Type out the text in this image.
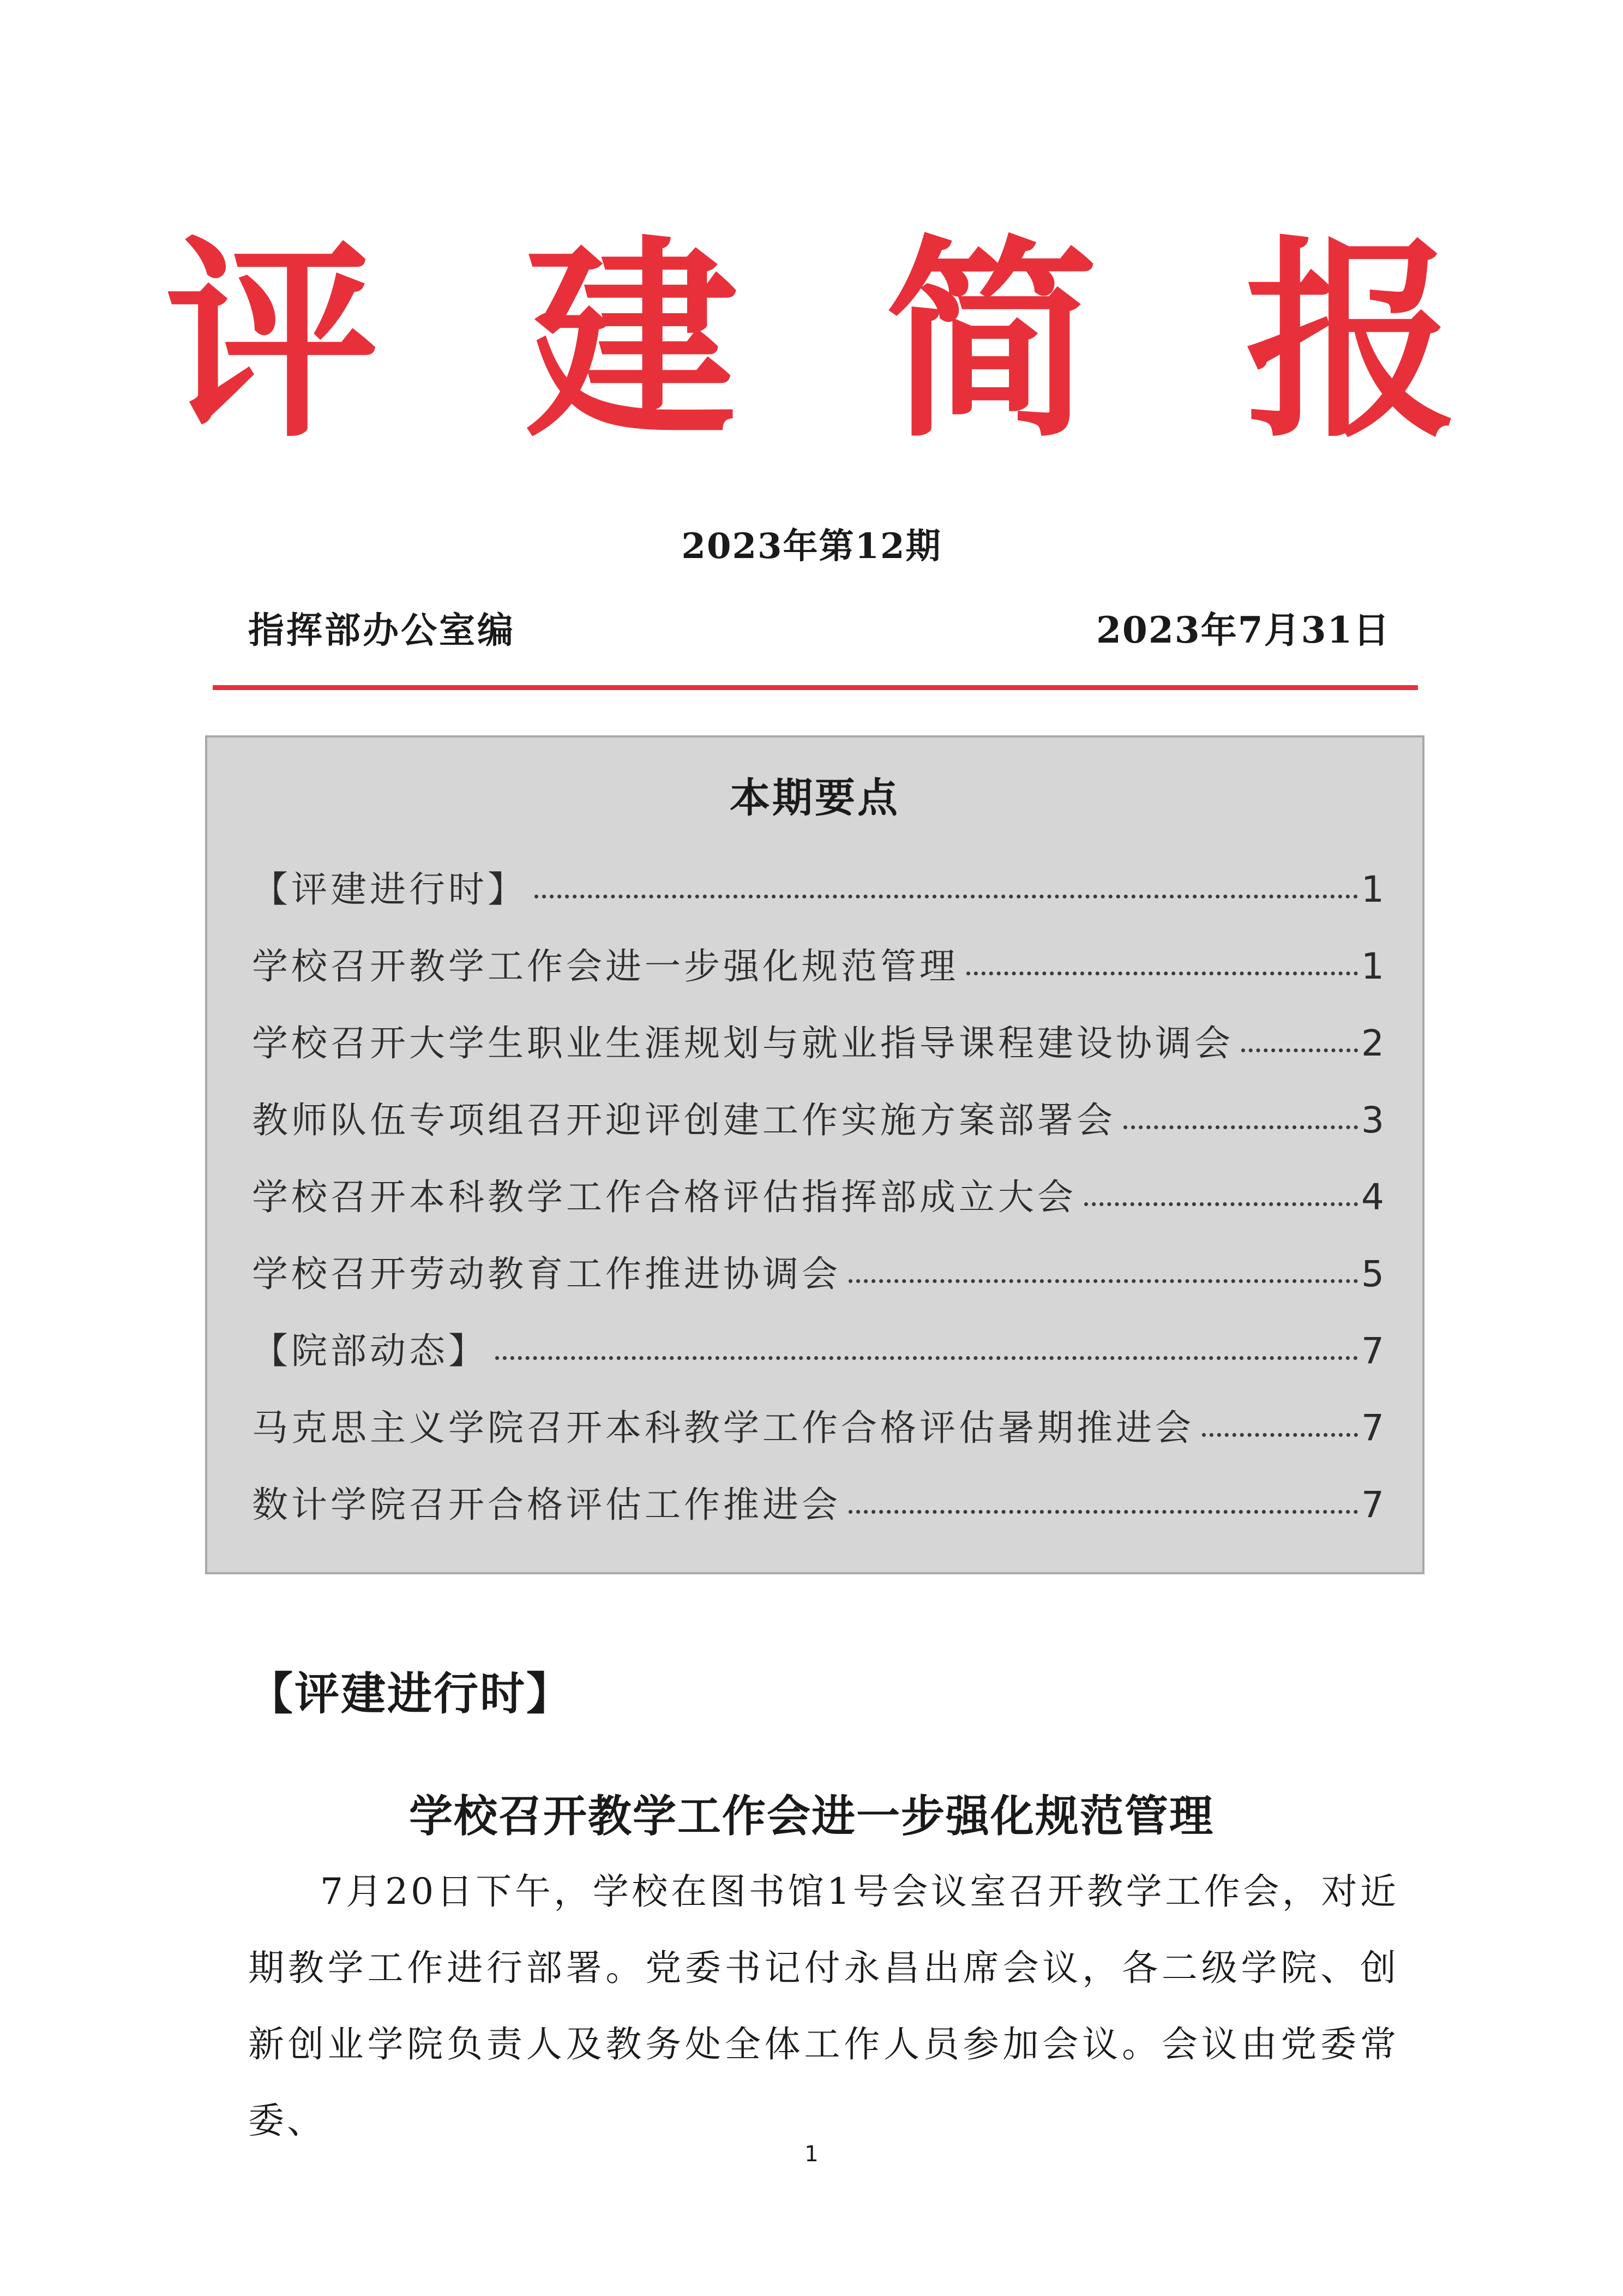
评 建 简 报
2023年第12期
指挥部办公室编	2023年7月31日
本期要点
【评建进行时】	1
学校召开教学工作会进一步强化规范管理	1
学校召开大学生职业生涯规划与就业指导课程建设协调会	2
教师队伍专项组召开迎评创建工作实施方案部署会	3
学校召开本科教学工作合格评估指挥部成立大会	4
学校召开劳动教育工作推进协调会	5
【院部动态】	7
马克思主义学院召开本科教学工作合格评估暑期推进会	7
数计学院召开合格评估工作推进会	7
【评建进行时】
学校召开教学工作会进一步强化规范管理

7月20日下午，学校在图书馆1号会议室召开教学工作会，对近期教学工作进行部署。党委书记付永昌出席会议，各二级学院、创新创业学院负责人及教务处全体工作人员参加会议。会议由党委常委、

1
